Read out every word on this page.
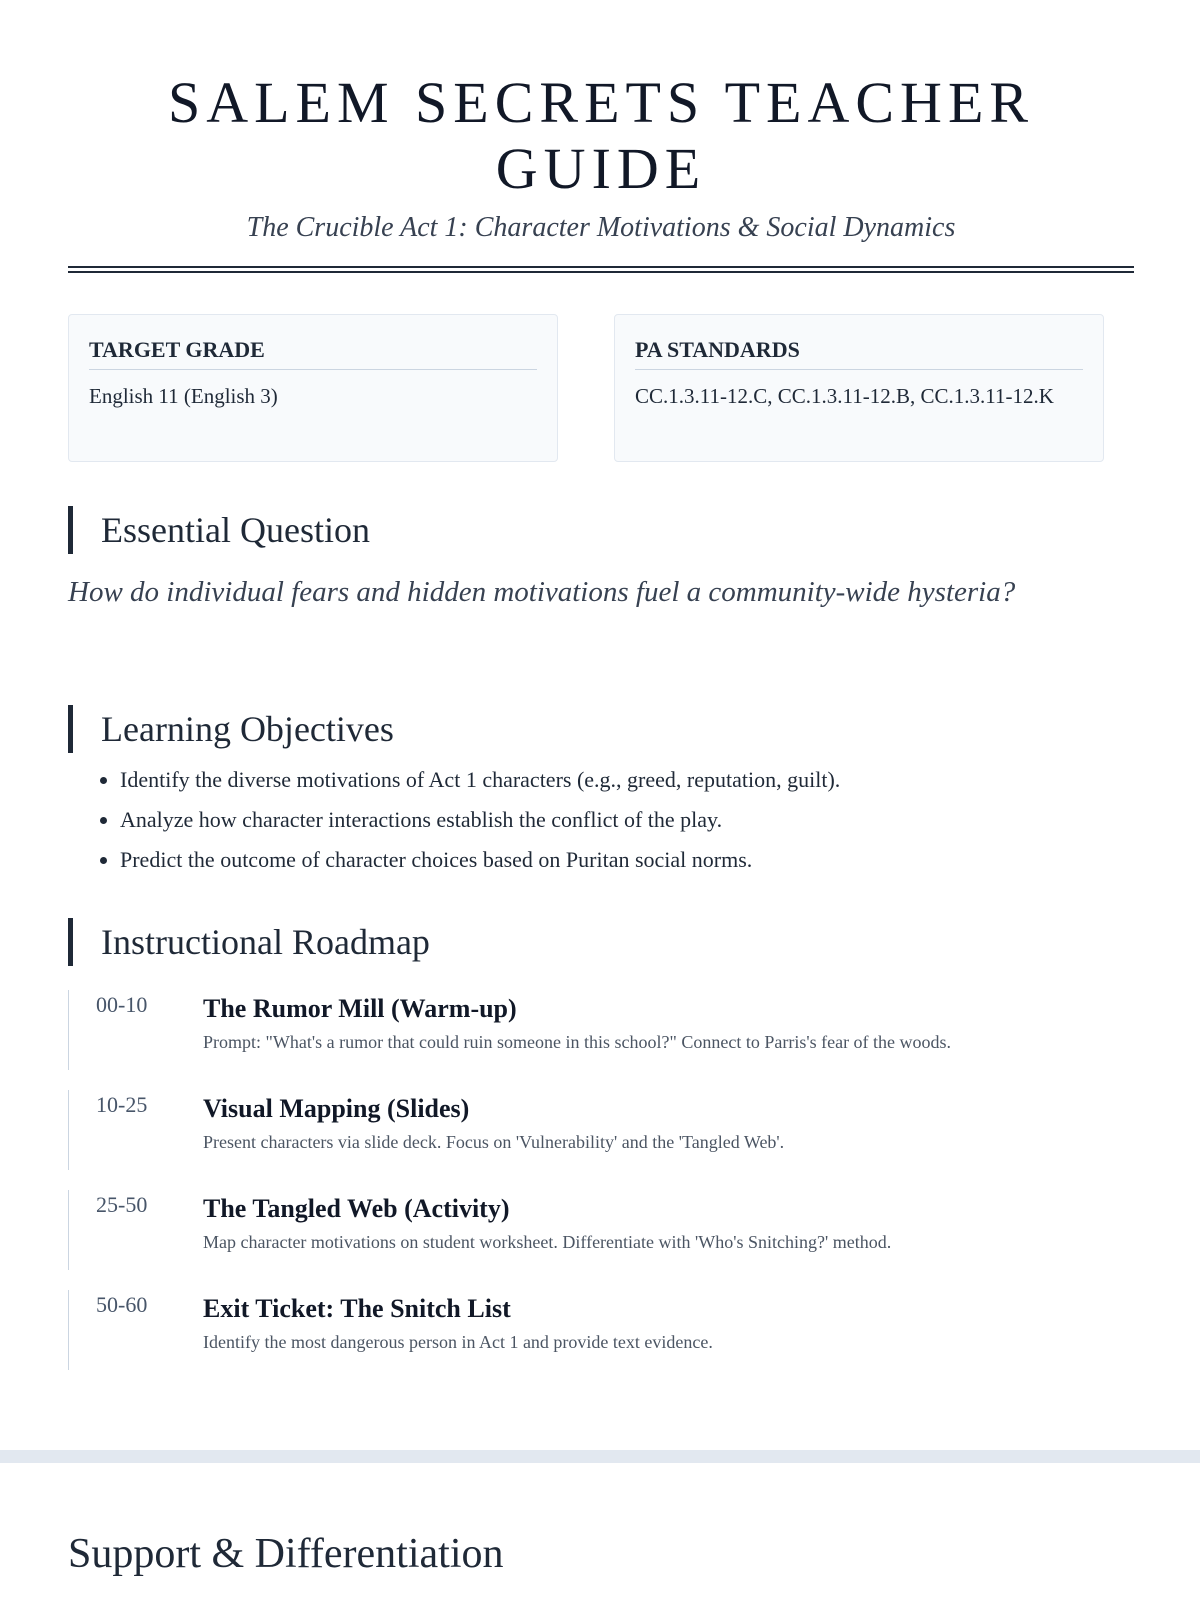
SALEM SECRETS TEACHER
GUIDE

The Crucible Act 1: Character Motivations & Social Dynamics

TARGET GRADE
English 11 (English 3)
PA STANDARDS
CC.1.3.11-12.C, CC.1.3.11-12.B, CC.1.3.11-12.K
Essential Question
How do individual fears and hidden motivations fuel a community-wide hysteria?
Learning Objectives
• Identify the diverse motivations of Act 1 characters (e.g., greed, reputation, guilt).
• Analyze how character interactions establish the conflict of the play.
• Predict the outcome of character choices based on Puritan social norms.
Instructional Roadmap
00-10 The Rumor Mill (Warm-up)
Prompt: "What's a rumor that could ruin someone in this school?" Connect to Parris's fear of the woods.
10-25 Visual Mapping (Slides)
Present characters via slide deck. Focus on 'Vulnerability' and the 'Tangled Web'.
25-50 The Tangled Web (Activity)
Map character motivations on student worksheet. Differentiate with 'Who's Snitching?' method.
50-60 Exit Ticket: The Snitch List
Identify the most dangerous person in Act 1 and provide text evidence.
Support & Differentiation
